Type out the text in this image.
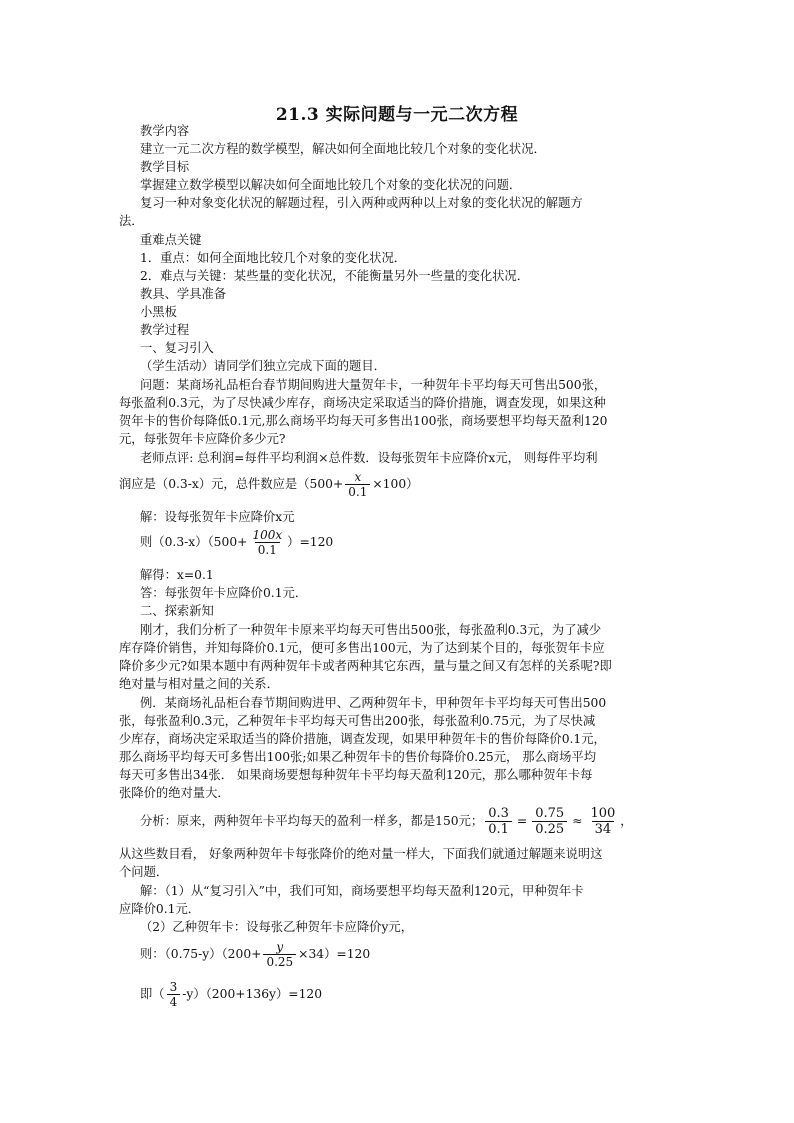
21.3 实际问题与一元二次方程
教学内容
建立一元二次方程的数学模型，解决如何全面地比较几个对象的变化状况．
教学目标
掌握建立数学模型以解决如何全面地比较几个对象的变化状况的问题．
复习一种对象变化状况的解题过程，引入两种或两种以上对象的变化状况的解题方
法．
重难点关键
1．重点：如何全面地比较几个对象的变化状况．
2．难点与关键：某些量的变化状况，不能衡量另外一些量的变化状况．
教具、学具准备
小黑板
教学过程
一、复习引入
（学生活动）请同学们独立完成下面的题目．
问题：某商场礼品柜台春节期间购进大量贺年卡，一种贺年卡平均每天可售出500张，
每张盈利0.3元，为了尽快减少库存，商场决定采取适当的降价措施，调查发现，如果这种
贺年卡的售价每降低0.1元,那么商场平均每天可多售出100张，商场要想平均每天盈利120
元，每张贺年卡应降价多少元?
老师点评: 总利润=每件平均利润×总件数．设每张贺年卡应降价x元， 则每件平均利
润应是（0.3-x）元，总件数应是$(500+ \frac{x}{0.1} \times 100)$
解：设每张贺年卡应降价x元
则$(0.3-x)(500+ \frac{100x}{0.1} )=120$
解得：x=0.1
答：每张贺年卡应降价0.1元．
二、探索新知
刚才，我们分析了一种贺年卡原来平均每天可售出500张，每张盈利0.3元，为了减少
库存降价销售，并知每降价0.1元，便可多售出100元，为了达到某个目的，每张贺年卡应
降价多少元?如果本题中有两种贺年卡或者两种其它东西，量与量之间又有怎样的关系呢?即
绝对量与相对量之间的关系．
例．某商场礼品柜台春节期间购进甲、乙两种贺年卡，甲种贺年卡平均每天可售出500
张，每张盈利0.3元，乙种贺年卡平均每天可售出200张，每张盈利0.75元，为了尽快减
少库存，商场决定采取适当的降价措施，调查发现，如果甲种贺年卡的售价每降价0.1元，
那么商场平均每天可多售出100张;如果乙种贺年卡的售价每降价0.25元， 那么商场平均
每天可多售出34张． 如果商场要想每种贺年卡平均每天盈利120元，那么哪种贺年卡每
张降价的绝对量大．
分析：原来，两种贺年卡平均每天的盈利一样多，都是150元； $\frac{0.3}{0.1} = \frac{0.75}{0.25} \approx \frac{100}{34}$ ，
从这些数目看， 好象两种贺年卡每张降价的绝对量一样大，下面我们就通过解题来说明这
个问题．
解：（1）从“复习引入”中，我们可知，商场要想平均每天盈利120元，甲种贺年卡
应降价0.1元．
（2）乙种贺年卡：设每张乙种贺年卡应降价y元，
则：$(0.75-y)(200+ \frac{y}{0.25} \times 34)=120$
即（ $\frac{3}{4} -y)(200+136y)=120$
